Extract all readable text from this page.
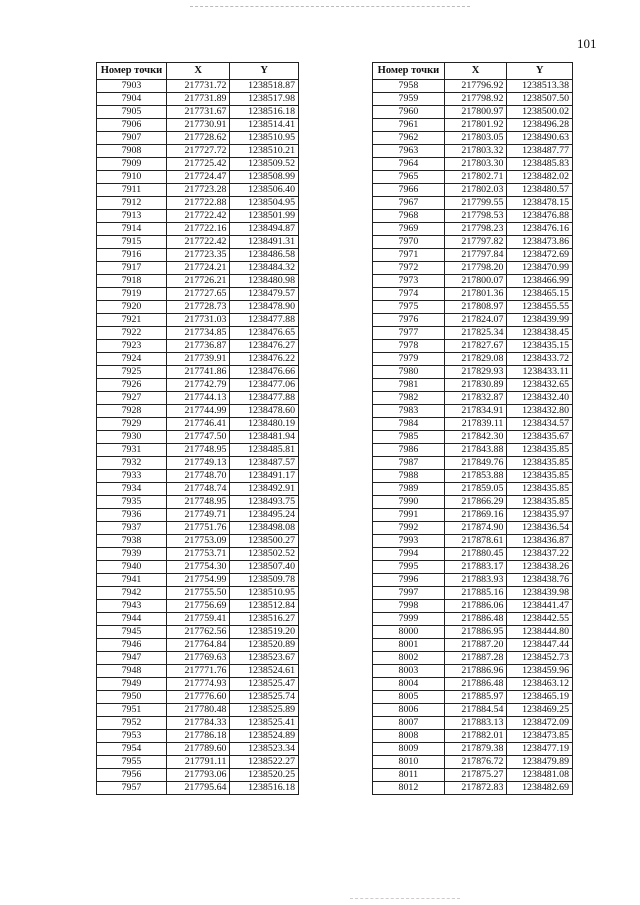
101
Номер точки	X	Y
7903	217731.72	1238518.87
7904	217731.89	1238517.98
7905	217731.67	1238516.18
7906	217730.91	1238514.41
7907	217728.62	1238510.95
7908	217727.72	1238510.21
7909	217725.42	1238509.52
7910	217724.47	1238508.99
7911	217723.28	1238506.40
7912	217722.88	1238504.95
7913	217722.42	1238501.99
7914	217722.16	1238494.87
7915	217722.42	1238491.31
7916	217723.35	1238486.58
7917	217724.21	1238484.32
7918	217726.21	1238480.98
7919	217727.65	1238479.57
7920	217728.73	1238478.90
7921	217731.03	1238477.88
7922	217734.85	1238476.65
7923	217736.87	1238476.27
7924	217739.91	1238476.22
7925	217741.86	1238476.66
7926	217742.79	1238477.06
7927	217744.13	1238477.88
7928	217744.99	1238478.60
7929	217746.41	1238480.19
7930	217747.50	1238481.94
7931	217748.95	1238485.81
7932	217749.13	1238487.57
7933	217748.70	1238491.17
7934	217748.74	1238492.91
7935	217748.95	1238493.75
7936	217749.71	1238495.24
7937	217751.76	1238498.08
7938	217753.09	1238500.27
7939	217753.71	1238502.52
7940	217754.30	1238507.40
7941	217754.99	1238509.78
7942	217755.50	1238510.95
7943	217756.69	1238512.84
7944	217759.41	1238516.27
7945	217762.56	1238519.20
7946	217764.84	1238520.89
7947	217769.63	1238523.67
7948	217771.76	1238524.61
7949	217774.93	1238525.47
7950	217776.60	1238525.74
7951	217780.48	1238525.89
7952	217784.33	1238525.41
7953	217786.18	1238524.89
7954	217789.60	1238523.34
7955	217791.11	1238522.27
7956	217793.06	1238520.25
7957	217795.64	1238516.18
Номер точки	X	Y
7958	217796.92	1238513.38
7959	217798.92	1238507.50
7960	217800.97	1238500.02
7961	217801.92	1238496.28
7962	217803.05	1238490.63
7963	217803.32	1238487.77
7964	217803.30	1238485.83
7965	217802.71	1238482.02
7966	217802.03	1238480.57
7967	217799.55	1238478.15
7968	217798.53	1238476.88
7969	217798.23	1238476.16
7970	217797.82	1238473.86
7971	217797.84	1238472.69
7972	217798.20	1238470.99
7973	217800.07	1238466.99
7974	217801.36	1238465.15
7975	217808.97	1238455.55
7976	217824.07	1238439.99
7977	217825.34	1238438.45
7978	217827.67	1238435.15
7979	217829.08	1238433.72
7980	217829.93	1238433.11
7981	217830.89	1238432.65
7982	217832.87	1238432.40
7983	217834.91	1238432.80
7984	217839.11	1238434.57
7985	217842.30	1238435.67
7986	217843.88	1238435.85
7987	217849.76	1238435.85
7988	217853.88	1238435.85
7989	217859.05	1238435.85
7990	217866.29	1238435.85
7991	217869.16	1238435.97
7992	217874.90	1238436.54
7993	217878.61	1238436.87
7994	217880.45	1238437.22
7995	217883.17	1238438.26
7996	217883.93	1238438.76
7997	217885.16	1238439.98
7998	217886.06	1238441.47
7999	217886.48	1238442.55
8000	217886.95	1238444.80
8001	217887.20	1238447.44
8002	217887.28	1238452.73
8003	217886.96	1238459.96
8004	217886.48	1238463.12
8005	217885.97	1238465.19
8006	217884.54	1238469.25
8007	217883.13	1238472.09
8008	217882.01	1238473.85
8009	217879.38	1238477.19
8010	217876.72	1238479.89
8011	217875.27	1238481.08
8012	217872.83	1238482.69
